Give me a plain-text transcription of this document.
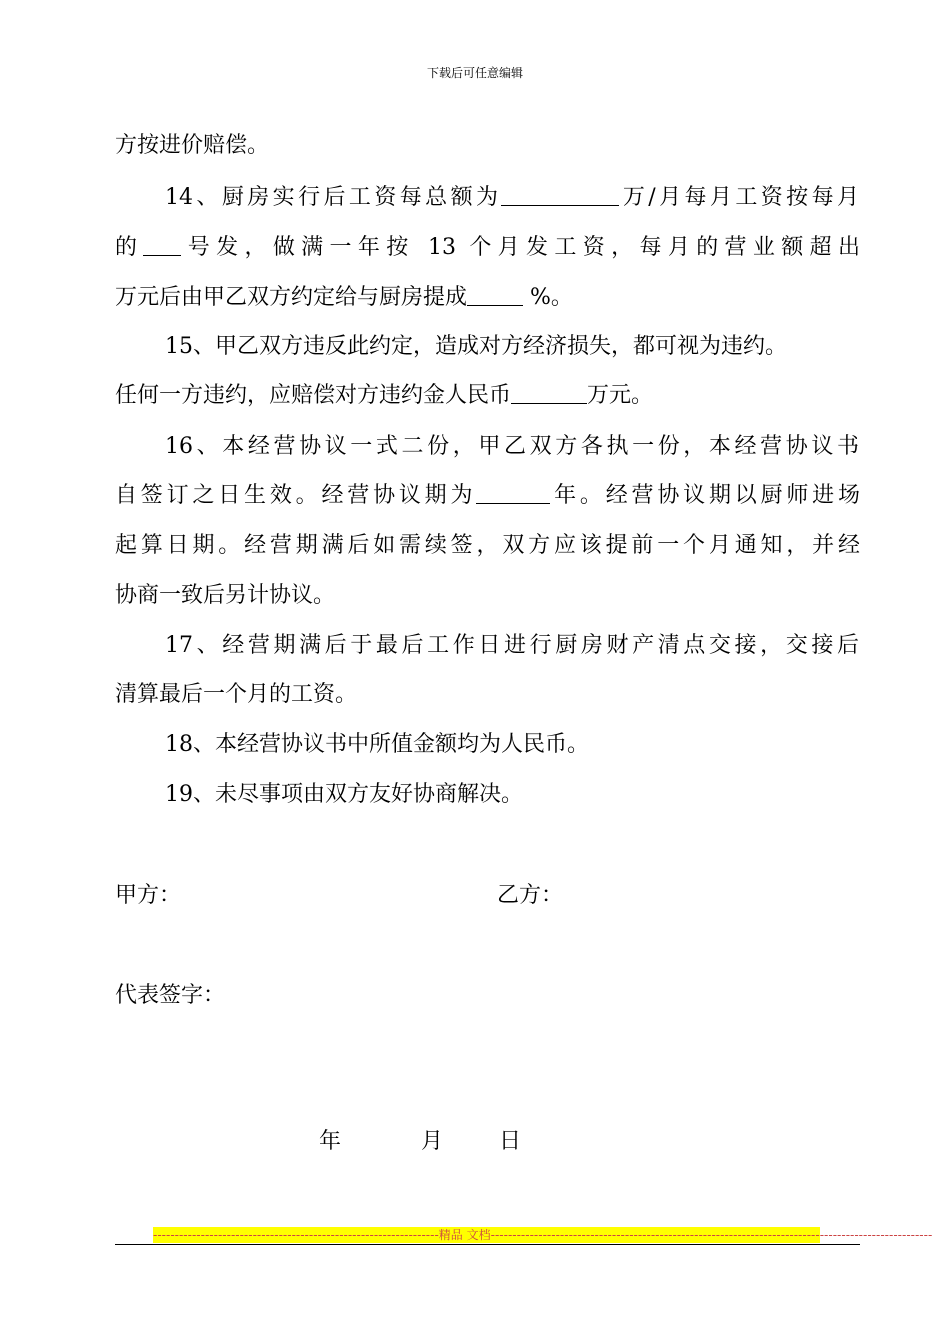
下载后可任意编辑
方按进价赔偿。
14、厨房实行后工资每总额为	万/月每月工资按每月
的 号发，做满一年按 13 个月发工资，每月的营业额超出
万元后由甲乙双方约定给与厨房提成	%。
15、甲乙双方违反此约定，造成对方经济损失，都可视为违约。
任何一方违约，应赔偿对方违约金人民币	万元。
16、本经营协议一式二份，甲乙双方各执一份，本经营协议书
自签订之日生效。经营协议期为	年。经营协议期以厨师进场
起算日期。经营期满后如需续签，双方应该提前一个月通知，并经
协商一致后另计协议。
17、经营期满后于最后工作日进行厨房财产清点交接，交接后
清算最后一个月的工资。
18、本经营协议书中所值金额均为人民币。
19、未尽事项由双方友好协商解决。
甲方：	乙方：
代表签字：
年	月	日
------------------------------------------------------------------精品 文档------------------------------------------------------------------------------------------------------
